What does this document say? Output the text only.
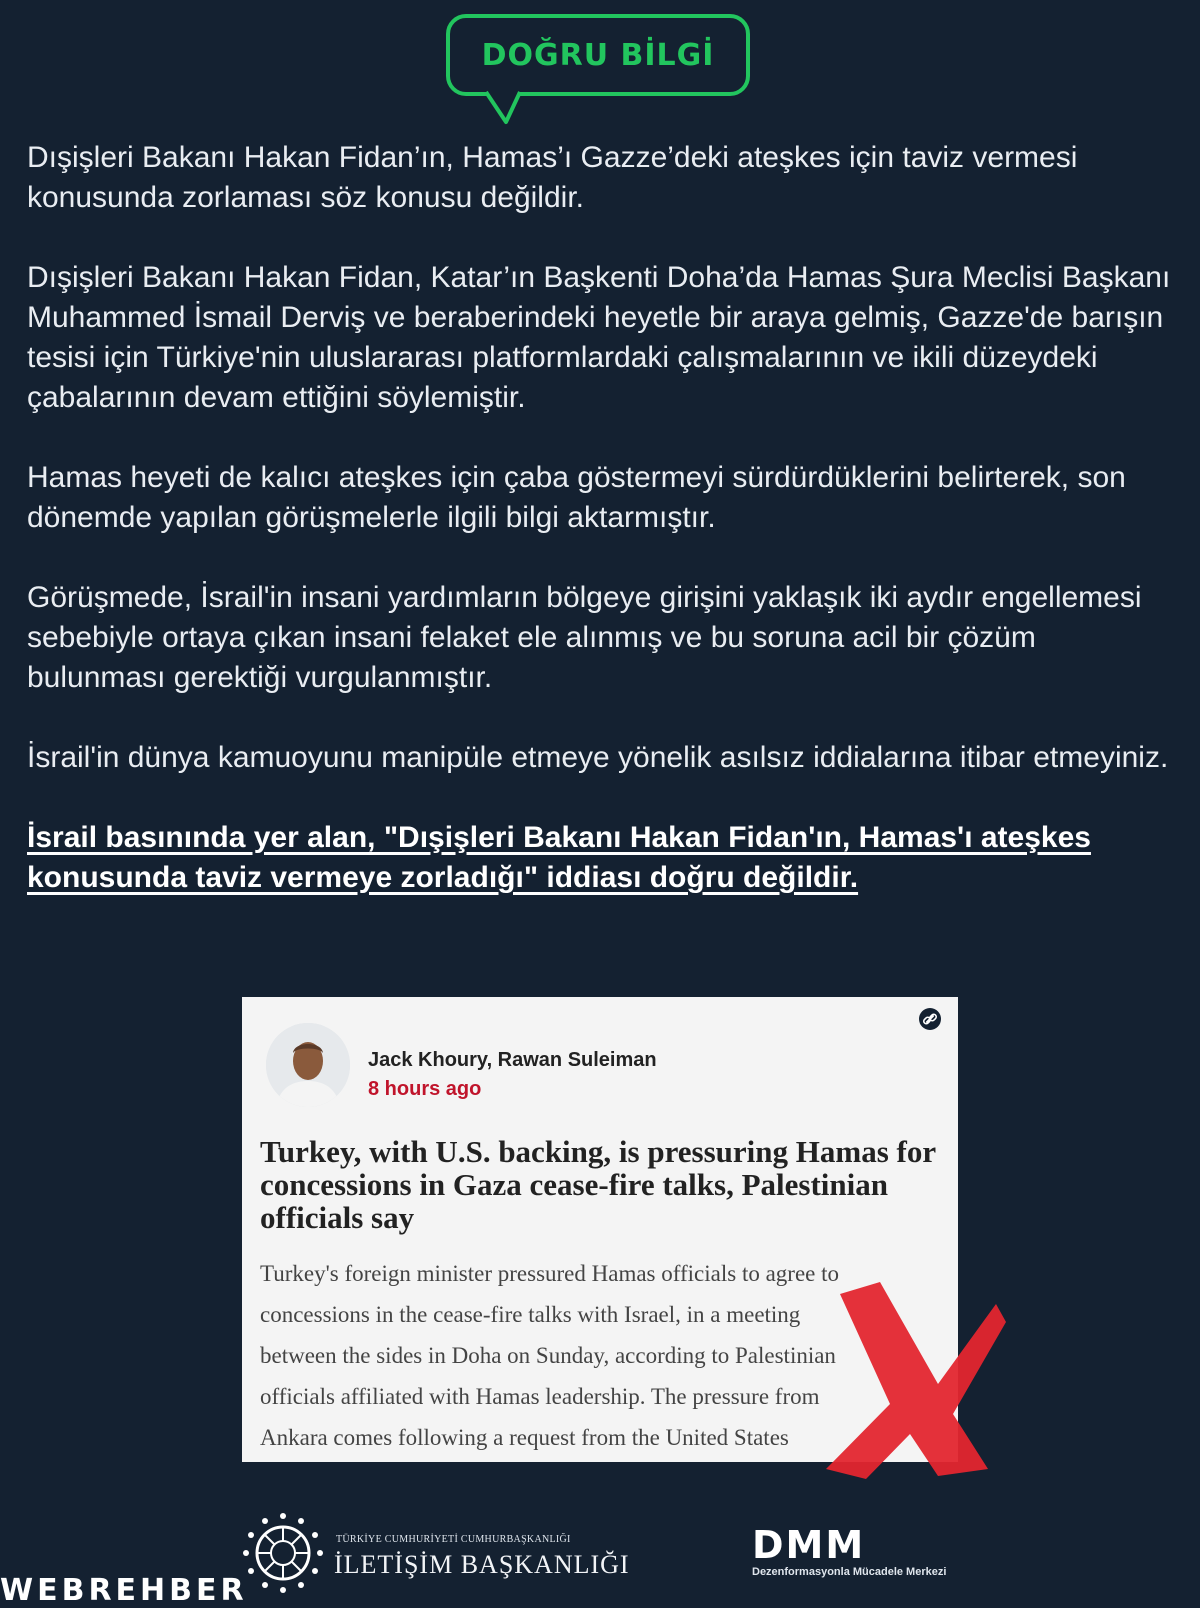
DOĞRU BİLGİ

Dışişleri Bakanı Hakan Fidan’ın, Hamas’ı Gazze’deki ateşkes için taviz vermesi konusunda zorlaması söz konusu değildir.

Dışişleri Bakanı Hakan Fidan, Katar’ın Başkenti Doha’da Hamas Şura Meclisi Başkanı Muhammed İsmail Derviş ve beraberindeki heyetle bir araya gelmiş, Gazze'de barışın tesisi için Türkiye'nin uluslararası platformlardaki çalışmalarının ve ikili düzeydeki çabalarının devam ettiğini söylemiştir.

Hamas heyeti de kalıcı ateşkes için çaba göstermeyi sürdürdüklerini belirterek, son dönemde yapılan görüşmelerle ilgili bilgi aktarmıştır.

Görüşmede, İsrail'in insani yardımların bölgeye girişini yaklaşık iki aydır engellemesi sebebiyle ortaya çıkan insani felaket ele alınmış ve bu soruna acil bir çözüm bulunması gerektiği vurgulanmıştır.

İsrail'in dünya kamuoyunu manipüle etmeye yönelik asılsız iddialarına itibar etmeyiniz.

İsrail basınında yer alan, "Dışişleri Bakanı Hakan Fidan'ın, Hamas'ı ateşkes konusunda taviz vermeye zorladığı" iddiası doğru değildir.

Jack Khoury, Rawan Suleiman
8 hours ago
Turkey, with U.S. backing, is pressuring Hamas for concessions in Gaza cease-fire talks, Palestinian officials say
Turkey's foreign minister pressured Hamas officials to agree to
concessions in the cease-fire talks with Israel, in a meeting
between the sides in Doha on Sunday, according to Palestinian
officials affiliated with Hamas leadership. The pressure from
Ankara comes following a request from the United States
TÜRKİYE CUMHURİYETİ CUMHURBAŞKANLIĞI
İLETİŞİM BAŞKANLIĞI	DMM
Dezenformasyonla Mücadele Merkezi
WEBREHBER
